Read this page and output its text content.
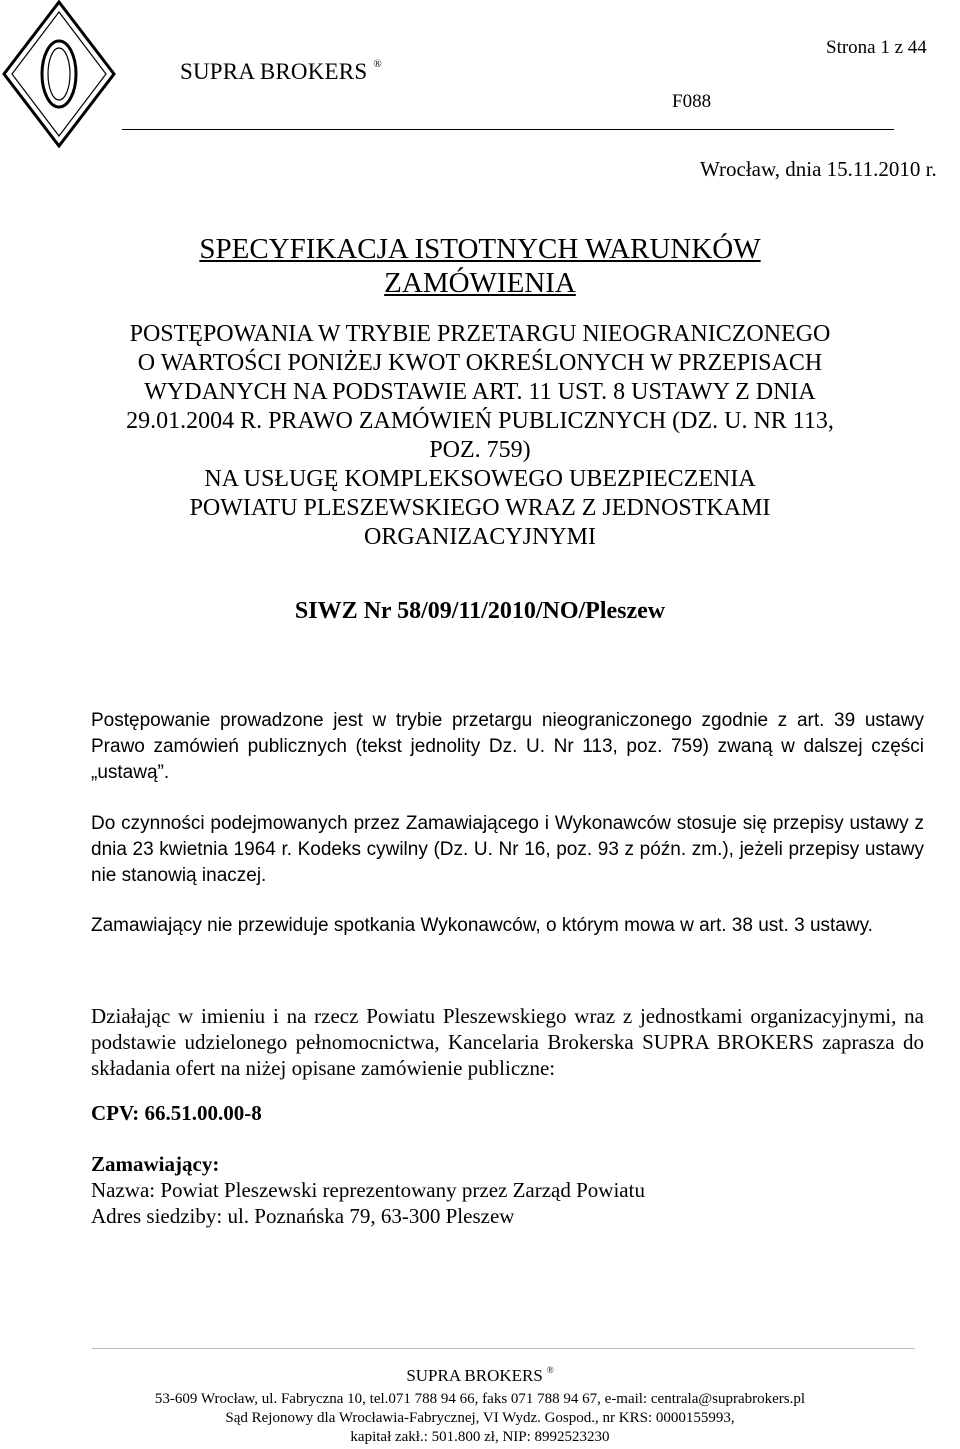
SUPRA BROKERS ®
Strona 1 z 44
F088
Wrocław, dnia 15.11.2010 r.
SPECYFIKACJA ISTOTNYCH WARUNKÓW
ZAMÓWIENIA
POSTĘPOWANIA W TRYBIE PRZETARGU NIEOGRANICZONEGO
O WARTOŚCI PONIŻEJ KWOT OKREŚLONYCH W PRZEPISACH
WYDANYCH NA PODSTAWIE ART. 11 UST. 8 USTAWY Z DNIA
29.01.2004 R. PRAWO ZAMÓWIEŃ PUBLICZNYCH (DZ. U. NR 113,
POZ. 759)
NA USŁUGĘ KOMPLEKSOWEGO UBEZPIECZENIA
POWIATU PLESZEWSKIEGO WRAZ Z JEDNOSTKAMI
ORGANIZACYJNYMI
SIWZ Nr 58/09/11/2010/NO/Pleszew
Postępowanie prowadzone jest w trybie przetargu nieograniczonego zgodnie z art. 39 ustawy Prawo zamówień publicznych (tekst jednolity Dz. U. Nr 113, poz. 759) zwaną w dalszej części „ustawą”.
Do czynności podejmowanych przez Zamawiającego i Wykonawców stosuje się przepisy ustawy z dnia 23 kwietnia 1964 r. Kodeks cywilny (Dz. U. Nr 16, poz. 93 z późn. zm.), jeżeli przepisy ustawy nie stanowią inaczej.
Zamawiający nie przewiduje spotkania Wykonawców, o którym mowa w art. 38 ust. 3 ustawy.
Działając w imieniu i na rzecz Powiatu Pleszewskiego wraz z jednostkami organizacyjnymi, na podstawie udzielonego pełnomocnictwa, Kancelaria Brokerska SUPRA BROKERS zaprasza do składania ofert na niżej opisane zamówienie publiczne:
CPV: 66.51.00.00-8
Zamawiający:
Nazwa: Powiat Pleszewski reprezentowany przez Zarząd Powiatu
Adres siedziby: ul. Poznańska 79, 63-300 Pleszew
SUPRA BROKERS ®
53-609 Wrocław, ul. Fabryczna 10, tel.071 788 94 66, faks 071 788 94 67, e-mail: centrala@suprabrokers.pl
Sąd Rejonowy dla Wrocławia-Fabrycznej, VI Wydz. Gospod., nr KRS: 0000155993,
kapitał zakł.: 501.800 zł, NIP: 8992523230
